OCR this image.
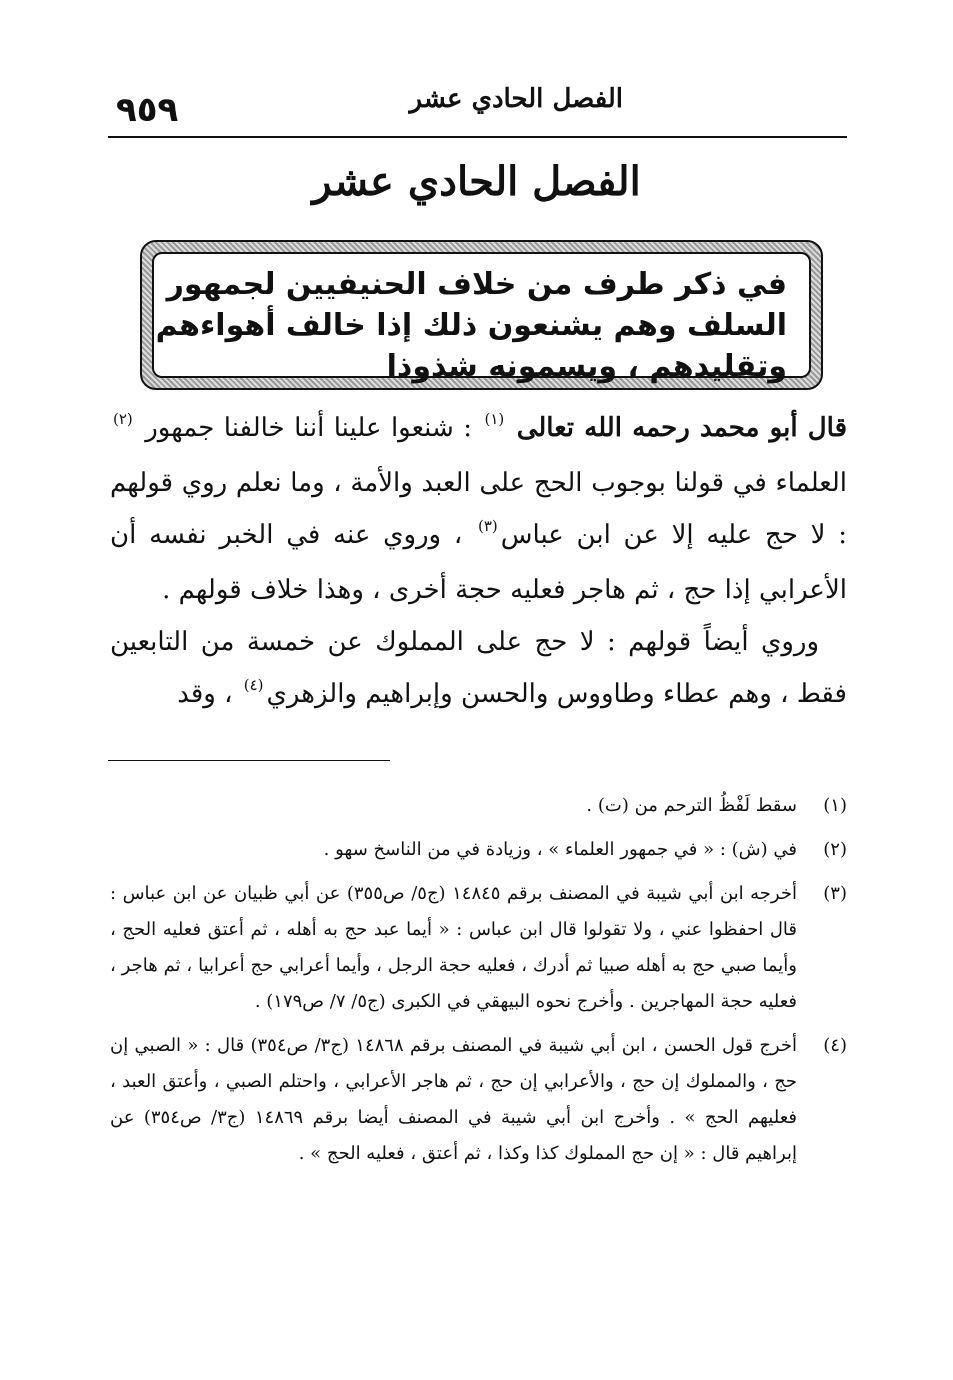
الفصل الحادي عشر
٩٥٩
الفصل الحادي عشر
في ذكر طرف من خلاف الحنيفيين لجمهور
السلف وهم يشنعون ذلك إذا خالف أهواءهم
وتقليدهم ، ويسمونه شذوذا

قال أبو محمد رحمه الله تعالى $^{(١)}$ : شنعوا علينا أننا خالفنا جمهور $^{(٢)}$ العلماء في قولنا بوجوب الحج على العبد والأمة ، وما نعلم روي قولهم : لا حج عليه إلا عن ابن عباس$^{(٣)}$ ، وروي عنه في الخبر نفسه أن الأعرابي إذا حج ، ثم هاجر فعليه حجة أخرى ، وهذا خلاف قولهم .

وروي أيضاً قولهم : لا حج على المملوك عن خمسة من التابعين فقط ، وهم عطاء وطاووس والحسن وإبراهيم والزهري$^{(٤)}$ ، وقد

(١)
سقط لَفْظُ الترحم من (ت) .
(٢)
في (ش) : « في جمهور العلماء » ، وزيادة في من الناسخ سهو .
(٣)
أخرجه ابن أبي شيبة في المصنف برقم ١٤٨٤٥ (ج٥/ ص٣٥٥) عن أبي ظبيان عن ابن عباس : قال احفظوا عني ، ولا تقولوا قال ابن عباس : « أيما عبد حج به أهله ، ثم أعتق فعليه الحج ، وأيما صبي حج به أهله صبيا ثم أدرك ، فعليه حجة الرجل ، وأيما أعرابي حج أعرابيا ، ثم هاجر ، فعليه حجة المهاجرين . وأخرج نحوه البيهقي في الكبرى (ج٥/ ٧/ ص١٧٩) .
(٤)
أخرج قول الحسن ، ابن أبي شيبة في المصنف برقم ١٤٨٦٨ (ج٣/ ص٣٥٤) قال : « الصبي إن حج ، والمملوك إن حج ، والأعرابي إن حج ، ثم هاجر الأعرابي ، واحتلم الصبي ، وأعتق العبد ، فعليهم الحج » . وأخرج ابن أبي شيبة في المصنف أيضا برقم ١٤٨٦٩ (ج٣/ ص٣٥٤) عن إبراهيم قال : « إن حج المملوك كذا وكذا ، ثم أعتق ، فعليه الحج » .
